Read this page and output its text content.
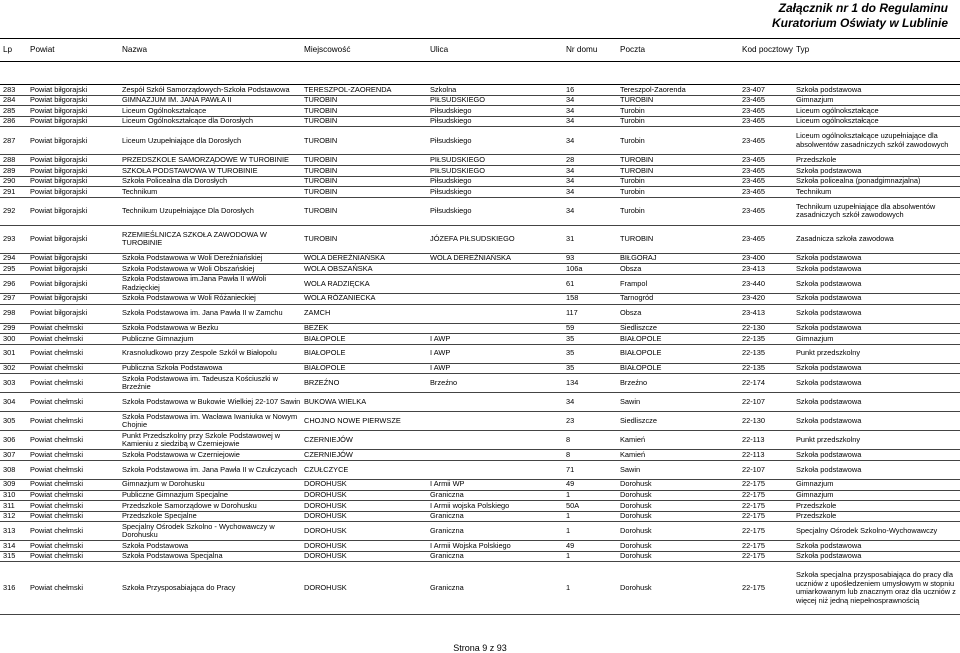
Załącznik nr 1 do Regulaminu
Kuratorium Oświaty w Lublinie
Lp	Powiat	Nazwa	Miejscowość	Ulica	Nr domu	Poczta	Kod pocztowy	Typ

283	Powiat biłgorajski	Zespół Szkół Samorządowych-Szkoła Podstawowa	TERESZPOL-ZAORENDA	Szkolna	16	Tereszpol-Zaorenda	23-407	Szkoła podstawowa
284	Powiat biłgorajski	GIMNAZJUM IM. JANA PAWŁA II	TUROBIN	PIŁSUDSKIEGO	34	TUROBIN	23-465	Gimnazjum
285	Powiat biłgorajski	Liceum Ogólnokształcące	TUROBIN	Piłsudskiego	34	Turobin	23-465	Liceum ogólnokształcące
286	Powiat biłgorajski	Liceum Ogólnokształcące dla Dorosłych	TUROBIN	Piłsudskiego	34	Turobin	23-465	Liceum ogólnokształcące
287	Powiat biłgorajski	Liceum Uzupełniające dla Dorosłych	TUROBIN	Piłsudskiego	34	Turobin	23-465	Liceum ogólnokształcące uzupełniające dla absolwentów zasadniczych szkół zawodowych
288	Powiat biłgorajski	PRZEDSZKOLE SAMORZĄDOWE W TUROBINIE	TUROBIN	PIŁSUDSKIEGO	28	TUROBIN	23-465	Przedszkole
289	Powiat biłgorajski	SZKOŁA PODSTAWOWA W TUROBINIE	TUROBIN	PIŁSUDSKIEGO	34	TUROBIN	23-465	Szkoła podstawowa
290	Powiat biłgorajski	Szkoła Policealna dla Dorosłych	TUROBIN	Piłsudskiego	34	Turobin	23-465	Szkoła policealna (ponadgimnazjalna)
291	Powiat biłgorajski	Technikum	TUROBIN	Piłsudskiego	34	Turobin	23-465	Technikum
292	Powiat biłgorajski	Technikum Uzupełniające Dla Dorosłych	TUROBIN	Piłsudskiego	34	Turobin	23-465	Technikum uzupełniające dla absolwentów zasadniczych szkół zawodowych
293	Powiat biłgorajski	RZEMIEŚLNICZA SZKOŁA ZAWODOWA W TUROBINIE	TUROBIN	JÓZEFA PIŁSUDSKIEGO	31	TUROBIN	23-465	Zasadnicza szkoła zawodowa
294	Powiat biłgorajski	Szkoła Podstawowa w Woli Dereźniańskiej	WOLA DEREŹNIAŃSKA	WOLA DEREŹNIAŃSKA	93	BIŁGORAJ	23-400	Szkoła podstawowa
295	Powiat biłgorajski	Szkoła Podstawowa w Woli Obszańskiej	WOLA OBSZAŃSKA		106a	Obsza	23-413	Szkoła podstawowa
296	Powiat biłgorajski	Szkoła Podstawowa im.Jana Pawła II wWoli Radzięckiej	WOLA RADZIĘCKA		61	Frampol	23-440	Szkoła podstawowa
297	Powiat biłgorajski	Szkoła Podstawowa w Woli Różanieckiej	WOLA RÓŻANIECKA		158	Tarnogród	23-420	Szkoła podstawowa
298	Powiat biłgorajski	Szkoła Podstawowa im. Jana Pawła II w Zamchu	ZAMCH		117	Obsza	23-413	Szkoła podstawowa
299	Powiat chełmski	Szkoła Podstawowa w Bezku	BEZEK		59	Siedliszcze	22-130	Szkoła podstawowa
300	Powiat chełmski	Publiczne Gimnazjum	BIAŁOPOLE	I AWP	35	BIAŁOPOLE	22-135	Gimnazjum
301	Powiat chełmski	Krasnoludkowo przy Zespole Szkół w Białopolu	BIAŁOPOLE	I AWP	35	BIAŁOPOLE	22-135	Punkt przedszkolny
302	Powiat chełmski	Publiczna Szkoła Podstawowa	BIAŁOPOLE	I AWP	35	BIAŁOPOLE	22-135	Szkoła podstawowa
303	Powiat chełmski	Szkoła Podstawowa im. Tadeusza Kościuszki w Brzeźnie	BRZEŹNO	Brzeźno	134	Brzeźno	22-174	Szkoła podstawowa
304	Powiat chełmski	Szkoła Podstawowa w Bukowie Wielkiej 22-107 Sawin	BUKOWA WIELKA		34	Sawin	22-107	Szkoła podstawowa
305	Powiat chełmski	Szkoła Podstawowa im. Wacława Iwaniuka w Nowym Chojnie	CHOJNO NOWE PIERWSZE		23	Siedliszcze	22-130	Szkoła podstawowa
306	Powiat chełmski	Punkt Przedszkolny przy Szkole Podstawowej w Kamieniu z siedzibą w Czerniejowie	CZERNIEJÓW		8	Kamień	22-113	Punkt przedszkolny
307	Powiat chełmski	Szkoła Podstawowa w Czerniejowie	CZERNIEJÓW		8	Kamień	22-113	Szkoła podstawowa
308	Powiat chełmski	Szkoła Podstawowa im. Jana Pawła II w Czułczycach	CZUŁCZYCE		71	Sawin	22-107	Szkoła podstawowa
309	Powiat chełmski	Gimnazjum w Dorohusku	DOROHUSK	I Armii WP	49	Dorohusk	22-175	Gimnazjum
310	Powiat chełmski	Publiczne Gimnazjum Specjalne	DOROHUSK	Graniczna	1	Dorohusk	22-175	Gimnazjum
311	Powiat chełmski	Przedszkole Samorządowe w Dorohusku	DOROHUSK	I Armii wojska Polskiego	50A	Dorohusk	22-175	Przedszkole
312	Powiat chełmski	Przedszkole Specjalne	DOROHUSK	Graniczna	1	Dorohusk	22-175	Przedszkole
313	Powiat chełmski	Specjalny Ośrodek Szkolno - Wychowawczy w Dorohusku	DOROHUSK	Graniczna	1	Dorohusk	22-175	Specjalny Ośrodek Szkolno-Wychowawczy
314	Powiat chełmski	Szkoła Podstawowa	DOROHUSK	I Armii Wojska Polskiego	49	Dorohusk	22-175	Szkoła podstawowa
315	Powiat chełmski	Szkoła Podstawowa Specjalna	DOROHUSK	Graniczna	1	Dorohusk	22-175	Szkoła podstawowa
316	Powiat chełmski	Szkoła Przysposabiająca do Pracy	DOROHUSK	Graniczna	1	Dorohusk	22-175	Szkoła specjalna przysposabiająca do pracy dla uczniów z upośledzeniem umysłowym w stopniu umiarkowanym lub znacznym oraz dla uczniów z więcej niż jedną niepełnosprawnością
Strona 9 z 93
